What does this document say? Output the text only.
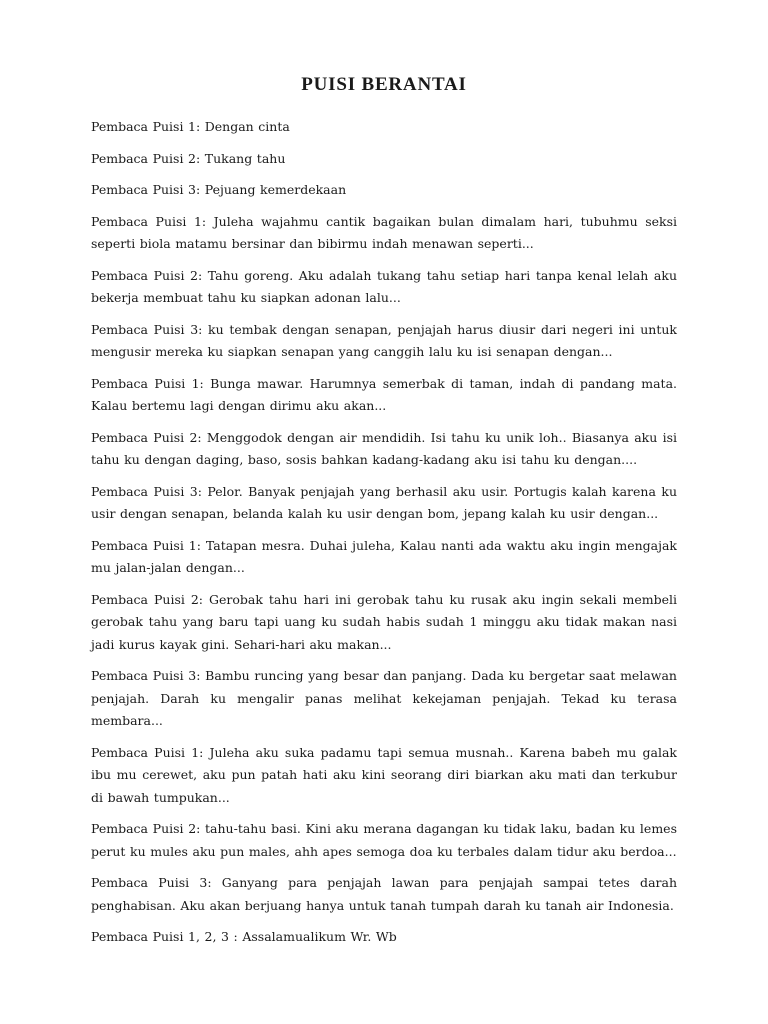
PUISI BERANTAI

Pembaca Puisi 1: Dengan cinta

Pembaca Puisi 2: Tukang tahu

Pembaca Puisi 3: Pejuang kemerdekaan

Pembaca Puisi 1: Juleha wajahmu cantik bagaikan bulan dimalam hari, tubuhmu seksi seperti biola matamu bersinar dan bibirmu indah menawan seperti...

Pembaca Puisi 2: Tahu goreng. Aku adalah tukang tahu setiap hari tanpa kenal lelah aku bekerja membuat tahu ku siapkan adonan lalu...

Pembaca Puisi 3: ku tembak dengan senapan, penjajah harus diusir dari negeri ini untuk mengusir mereka ku siapkan senapan yang canggih lalu ku isi senapan dengan...

Pembaca Puisi 1: Bunga mawar. Harumnya semerbak di taman, indah di pandang mata. Kalau bertemu lagi dengan dirimu aku akan...

Pembaca Puisi 2: Menggodok dengan air mendidih. Isi tahu ku unik loh.. Biasanya aku isi tahu ku dengan daging, baso, sosis bahkan kadang-kadang aku isi tahu ku dengan....

Pembaca Puisi 3: Pelor. Banyak penjajah yang berhasil aku usir. Portugis kalah karena ku usir dengan senapan, belanda kalah ku usir dengan bom, jepang kalah ku usir dengan...

Pembaca Puisi 1: Tatapan mesra. Duhai juleha, Kalau nanti ada waktu aku ingin mengajak mu jalan-jalan dengan...

Pembaca Puisi 2: Gerobak tahu hari ini gerobak tahu ku rusak aku ingin sekali membeli gerobak tahu yang baru tapi uang ku sudah habis sudah 1 minggu aku tidak makan nasi jadi kurus kayak gini. Sehari-hari aku makan...

Pembaca Puisi 3: Bambu runcing yang besar dan panjang. Dada ku bergetar saat melawan penjajah. Darah ku mengalir panas melihat kekejaman penjajah. Tekad ku terasa membara...

Pembaca Puisi 1: Juleha aku suka padamu tapi semua musnah.. Karena babeh mu galak ibu mu cerewet, aku pun patah hati aku kini seorang diri biarkan aku mati dan terkubur di bawah tumpukan...

Pembaca Puisi 2: tahu-tahu basi. Kini aku merana dagangan ku tidak laku, badan ku lemes perut ku mules aku pun males, ahh apes semoga doa ku terbales dalam tidur aku berdoa...

Pembaca Puisi 3: Ganyang para penjajah lawan para penjajah sampai tetes darah penghabisan. Aku akan berjuang hanya untuk tanah tumpah darah ku tanah air Indonesia.

Pembaca Puisi 1, 2, 3 : Assalamualikum Wr. Wb
